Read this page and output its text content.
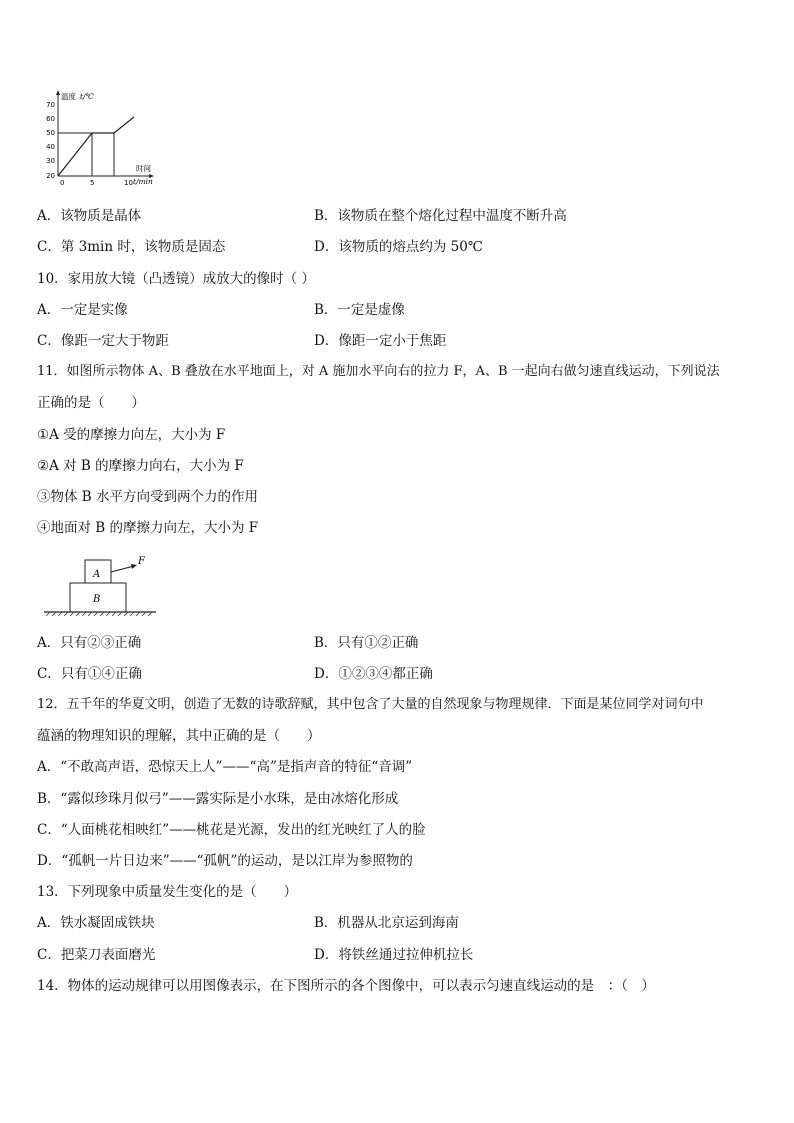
70
60
50
40
30
20
0	5	10
温度 t/℃
时间
t/min
A．该物质是晶体	B．该物质在整个熔化过程中温度不断升高
C．第 3min 时，该物质是固态	D．该物质的熔点约为 50℃
10．家用放大镜（凸透镜）成放大的像时（ ）
A．一定是实像	B．一定是虚像
C．像距一定大于物距	D．像距一定小于焦距
11．如图所示物体 A、B 叠放在水平地面上，对 A 施加水平向右的拉力 F，A、B 一起向右做匀速直线运动，下列说法
正确的是（　　）
①A 受的摩擦力向左，大小为 F
②A 对 B 的摩擦力向右，大小为 F
③物体 B 水平方向受到两个力的作用
④地面对 B 的摩擦力向左，大小为 F
A
B
F
A．只有②③正确	B．只有①②正确
C．只有①④正确	D．①②③④都正确
12．五千年的华夏文明，创造了无数的诗歌辞赋，其中包含了大量的自然现象与物理规律．下面是某位同学对词句中
蕴涵的物理知识的理解，其中正确的是（　　）
A．“不敢高声语，恐惊天上人”——“高”是指声音的特征“音调”
B．“露似珍珠月似弓”——露实际是小水珠，是由冰熔化形成
C．“人面桃花相映红”——桃花是光源，发出的红光映红了人的脸
D．“孤帆一片日边来”——“孤帆”的运动，是以江岸为参照物的
13．下列现象中质量发生变化的是（　　）
A．铁水凝固成铁块	B．机器从北京运到海南
C．把菜刀表面磨光	D．将铁丝通过拉伸机拉长
14．物体的运动规律可以用图像表示，在下图所示的各个图像中，可以表示匀速直线运动的是　：（　）
